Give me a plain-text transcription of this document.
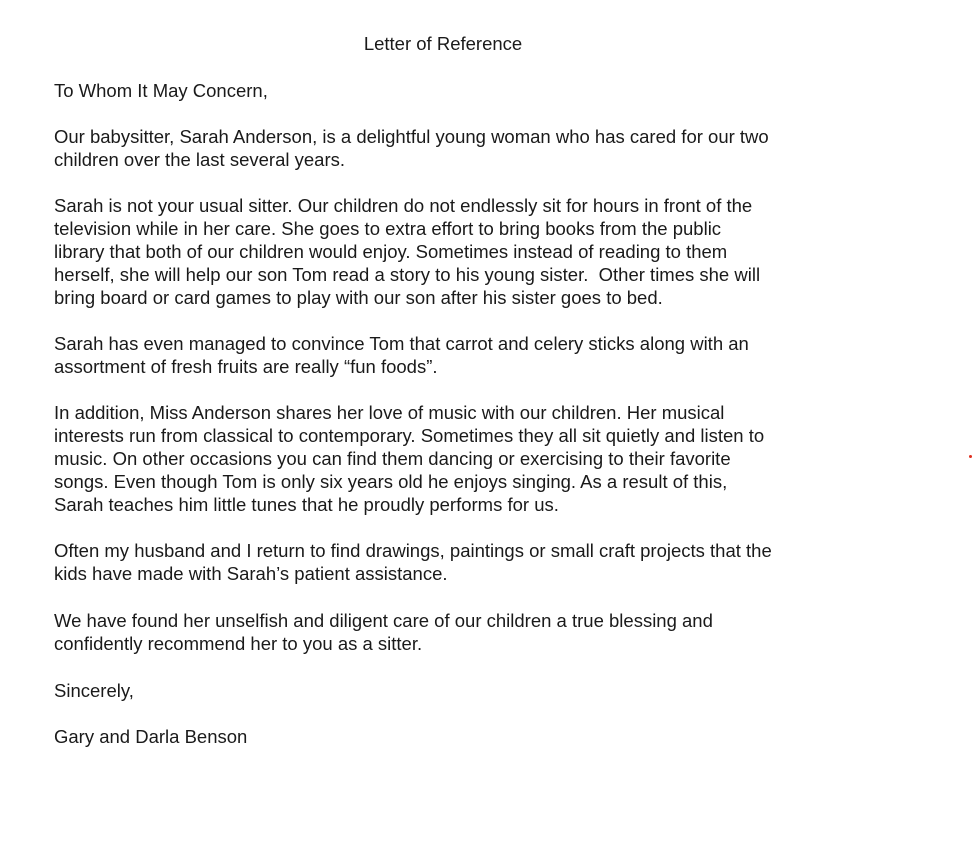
Letter of Reference

To Whom It May Concern,

Our babysitter, Sarah Anderson, is a delightful young woman who has cared for our two

children over the last several years.

Sarah is not your usual sitter. Our children do not endlessly sit for hours in front of the

television while in her care. She goes to extra effort to bring books from the public

library that both of our children would enjoy. Sometimes instead of reading to them

herself, she will help our son Tom read a story to his young sister.  Other times she will

bring board or card games to play with our son after his sister goes to bed.

Sarah has even managed to convince Tom that carrot and celery sticks along with an

assortment of fresh fruits are really “fun foods”.

In addition, Miss Anderson shares her love of music with our children. Her musical

interests run from classical to contemporary. Sometimes they all sit quietly and listen to

music. On other occasions you can find them dancing or exercising to their favorite

songs. Even though Tom is only six years old he enjoys singing. As a result of this,

Sarah teaches him little tunes that he proudly performs for us.

Often my husband and I return to find drawings, paintings or small craft projects that the

kids have made with Sarah’s patient assistance.

We have found her unselfish and diligent care of our children a true blessing and

confidently recommend her to you as a sitter.

Sincerely,

Gary and Darla Benson
